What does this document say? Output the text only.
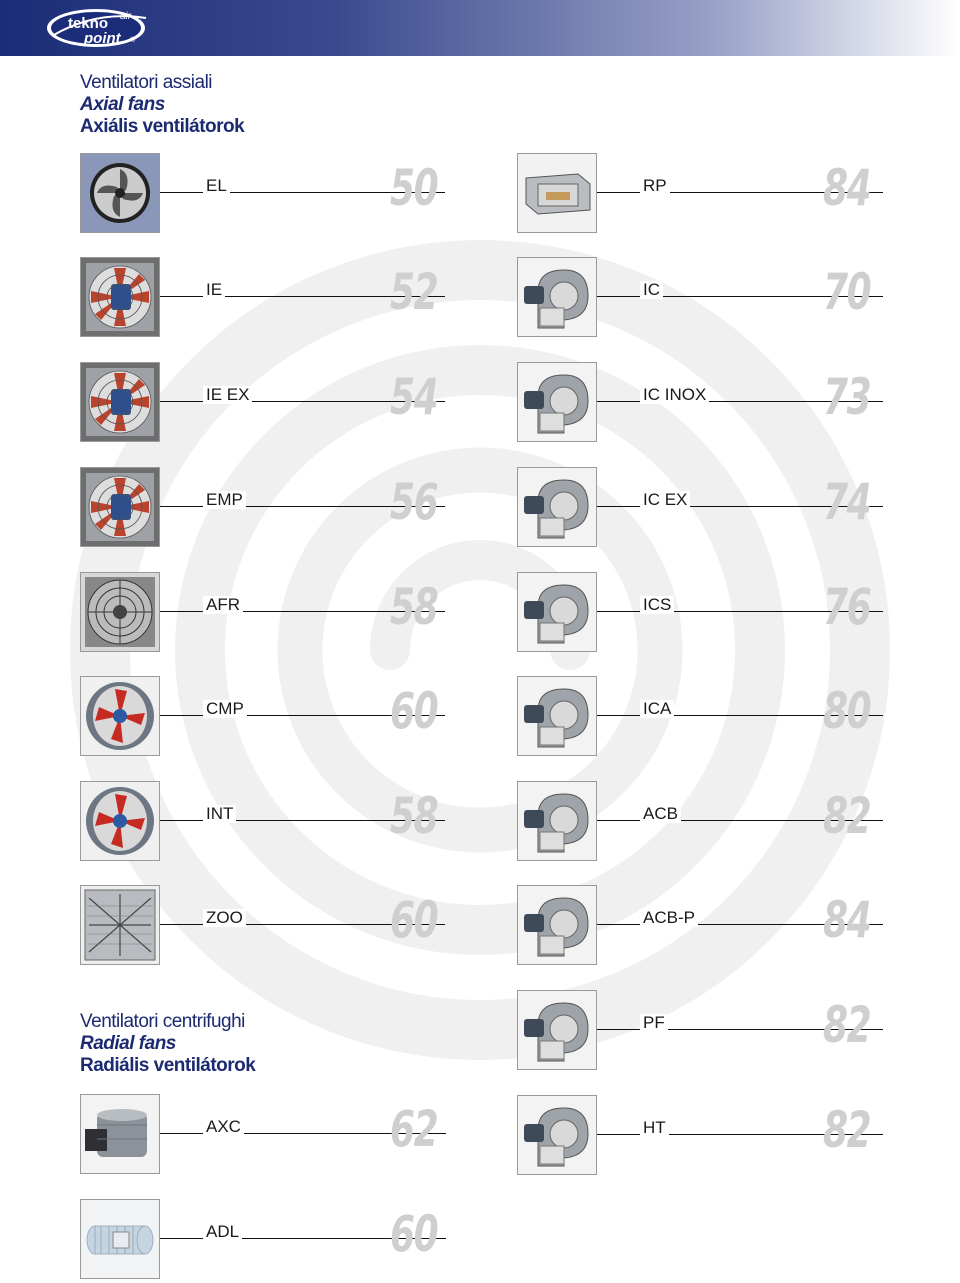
tekno
point
air
®
Ventilatori assiali
Axial fans
Axiális ventilátorok
Ventilatori centrifughi
Radial fans
Radiális ventilátorok
50
EL
52
IE
54
IE EX
56
EMP
58
AFR
60
CMP
58
INT
60
ZOO
84
RP
70
IC
73
IC INOX
74
IC EX
76
ICS
80
ICA
82
ACB
84
ACB-P
82
PF
82
HT
62
AXC
60
ADL
